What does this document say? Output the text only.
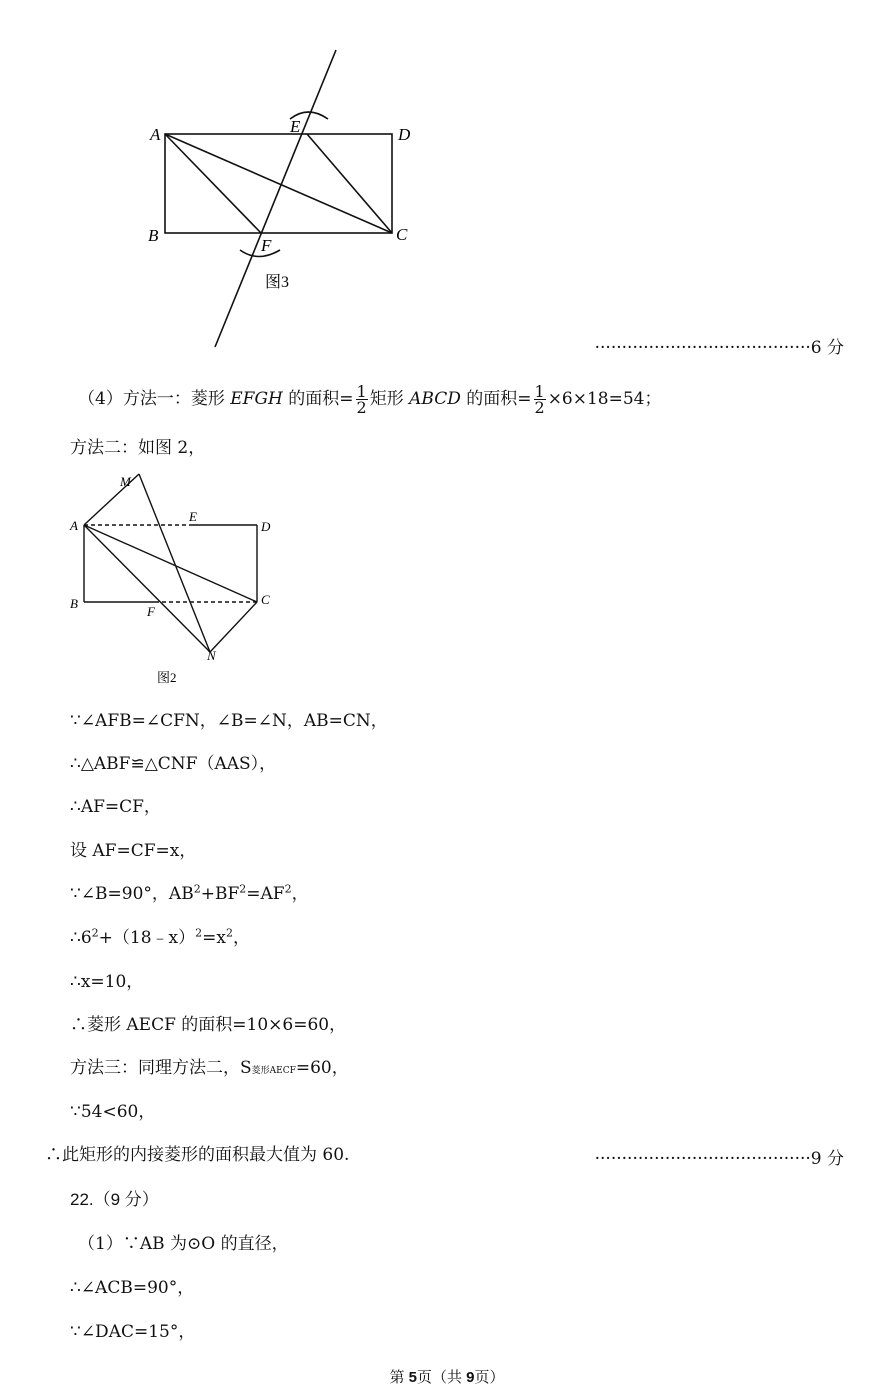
A
B	C
D
E
F
图3
········································6 分
（4）方法一：菱形 EFGH 的面积= $\frac{1}{2}$ 矩形 ABCD 的面积= $\frac{1}{2} \times 6\times 18=54$；
方法二：如图 2，
M
A
E
D
B
F
C
N
图2
∵∠AFB=∠CFN，∠B=∠N，AB=CN，
∴△ABF≌△CNF（AAS），
∴AF=CF，
设 AF=CF=x，
∵∠B=90°，$AB^2+BF^2=AF^2$，
$\therefore 6^2+(18﹣x)^2=x^2$，
∴x=10，
∴菱形 AECF 的面积=10×6=60，
方法三：同理方法二，S菱形AECF=60，
∵54<60，
∴此矩形的内接菱形的面积最大值为 60.	········································9 分
22.（9 分）
（1）∵AB 为⊙O 的直径，
∴∠ACB=90°，
∵∠DAC=15°，
第 5页（共 9页）
